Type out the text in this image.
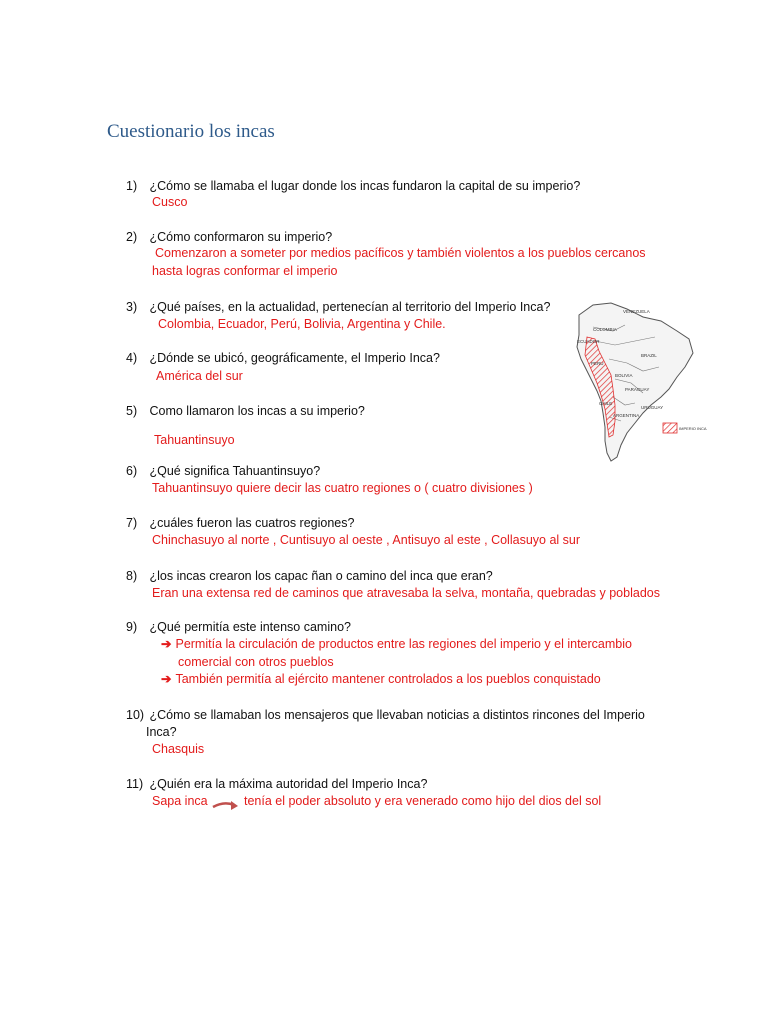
Cuestionario los incas
1) ¿Cómo se llamaba el lugar donde los incas fundaron la capital de su imperio?
Cusco
2) ¿Cómo conformaron su imperio?
Comenzaron a someter por medios pacíficos y también violentos a los pueblos cercanos
hasta logras conformar el imperio
3) ¿Qué países, en la actualidad, pertenecían al territorio del Imperio Inca?
Colombia, Ecuador, Perú, Bolivia, Argentina y Chile.
4) ¿Dónde se ubicó, geográficamente, el Imperio Inca?
América del sur
5) Como llamaron los incas a su imperio?
Tahuantinsuyo
6) ¿Qué significa Tahuantinsuyo?
Tahuantinsuyo quiere decir las cuatro regiones o ( cuatro divisiones )
7) ¿cuáles fueron las cuatros regiones?
Chinchasuyo al norte , Cuntisuyo al oeste , Antisuyo al este , Collasuyo al sur
8) ¿los incas crearon los capac ñan o camino del inca que eran?
Eran una extensa red de caminos que atravesaba la selva, montaña, quebradas y poblados
9) ¿Qué permitía este intenso camino?
➔ Permitía la circulación de productos entre las regiones del imperio y el intercambio
comercial con otros pueblos
➔ También permitía al ejército mantener controlados a los pueblos conquistado
10) ¿Cómo se llamaban los mensajeros que llevaban noticias a distintos rincones del Imperio
Inca?
Chasquis
11) ¿Quién era la máxima autoridad del Imperio Inca?
Sapa inca	tenía el poder absoluto y era venerado como hijo del dios del sol
VENEZUELA
COLOMBIA
ECUADOR
PERU
BRAZIL
BOLIVIA
PARAGUAY
CHILE
URUGUAY
ARGENTINA
IMPERIO INCA
